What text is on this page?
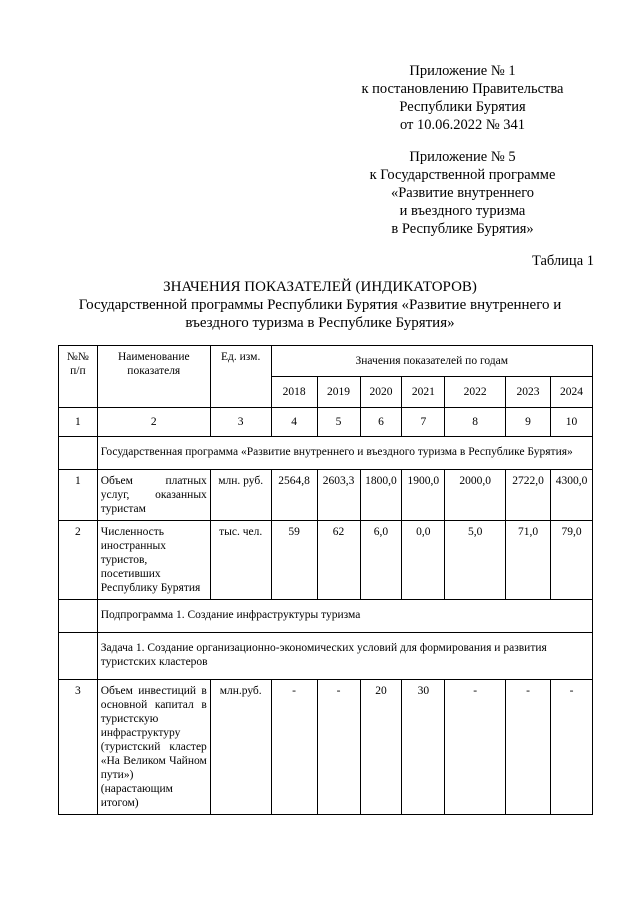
Приложение № 1
к постановлению Правительства
Республики Бурятия
от 10.06.2022 № 341
Приложение № 5
к Государственной программе
«Развитие внутреннего
и въездного туризма
в Республике Бурятия»
Таблица 1
ЗНАЧЕНИЯ ПОКАЗАТЕЛЕЙ (ИНДИКАТОРОВ)
Государственной программы Республики Бурятия «Развитие внутреннего и
въездного туризма в Республике Бурятия»
№№ п/п	Наименование показателя	Ед. изм.	Значения показателей по годам						
			2018	2019	2020	2021	2022	2023	2024
1	2	3	4	5	6	7	8	9	10
	Государственная программа «Развитие внутреннего и въездного туризма в Республике Бурятия»								
1	Объем платных услуг, оказанных туристам	млн. руб.	2564,8	2603,3	1800,0	1900,0	2000,0	2722,0	4300,0
2	Численность иностранных туристов, посетивших Республику Бурятия	тыс. чел.	59	62	6,0	0,0	5,0	71,0	79,0
	Подпрограмма 1. Создание инфраструктуры туризма								
	Задача 1. Создание организационно-экономических условий для формирования и развития туристских кластеров								
3	Объем инвестиций в основной капитал в туристскую инфраструктуру (туристский кластер «На Великом Чайном пути») (нарастающим итогом)	млн.руб.	-	-	20	30	-	-	-
